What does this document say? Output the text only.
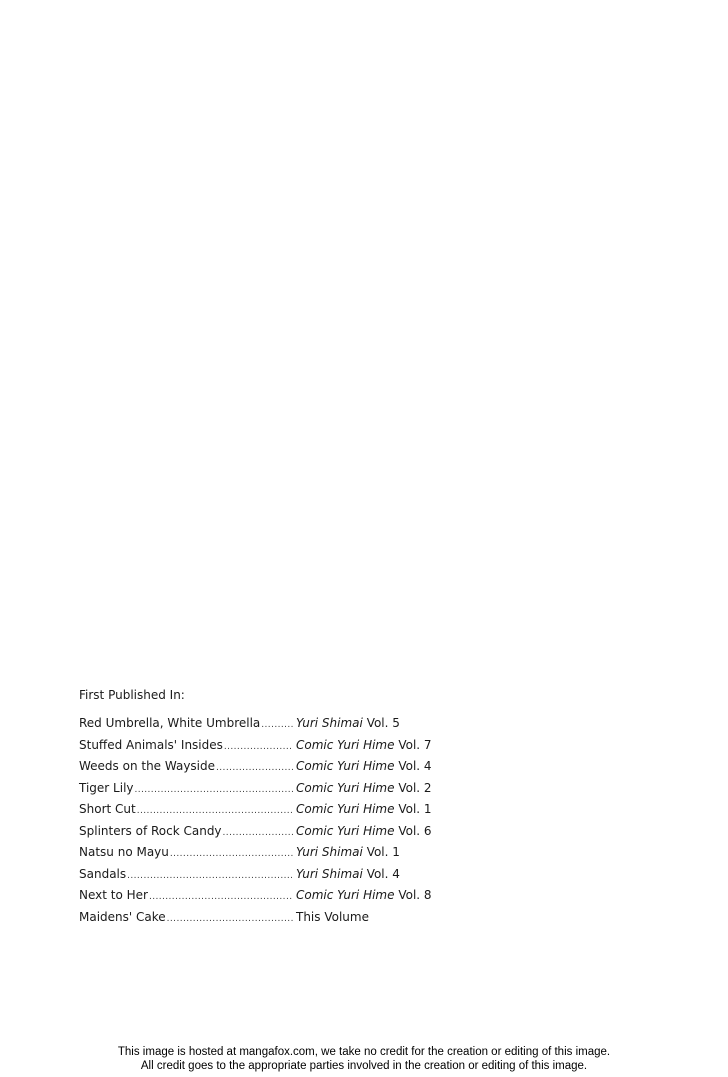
First Published In:
Red Umbrella, White Umbrella .....	Yuri Shimai Vol. 5
Stuffed Animals' Insides .....	Comic Yuri Hime Vol. 7
Weeds on the Wayside .....	Comic Yuri Hime Vol. 4
Tiger Lily .....	Comic Yuri Hime Vol. 2
Short Cut .....	Comic Yuri Hime Vol. 1
Splinters of Rock Candy .....	Comic Yuri Hime Vol. 6
Natsu no Mayu .....	Yuri Shimai Vol. 1
Sandals .....	Yuri Shimai Vol. 4
Next to Her .....	Comic Yuri Hime Vol. 8
Maidens' Cake .....	This Volume
This image is hosted at mangafox.com, we take no credit for the creation or editing of this image.
All credit goes to the appropriate parties involved in the creation or editing of this image.
